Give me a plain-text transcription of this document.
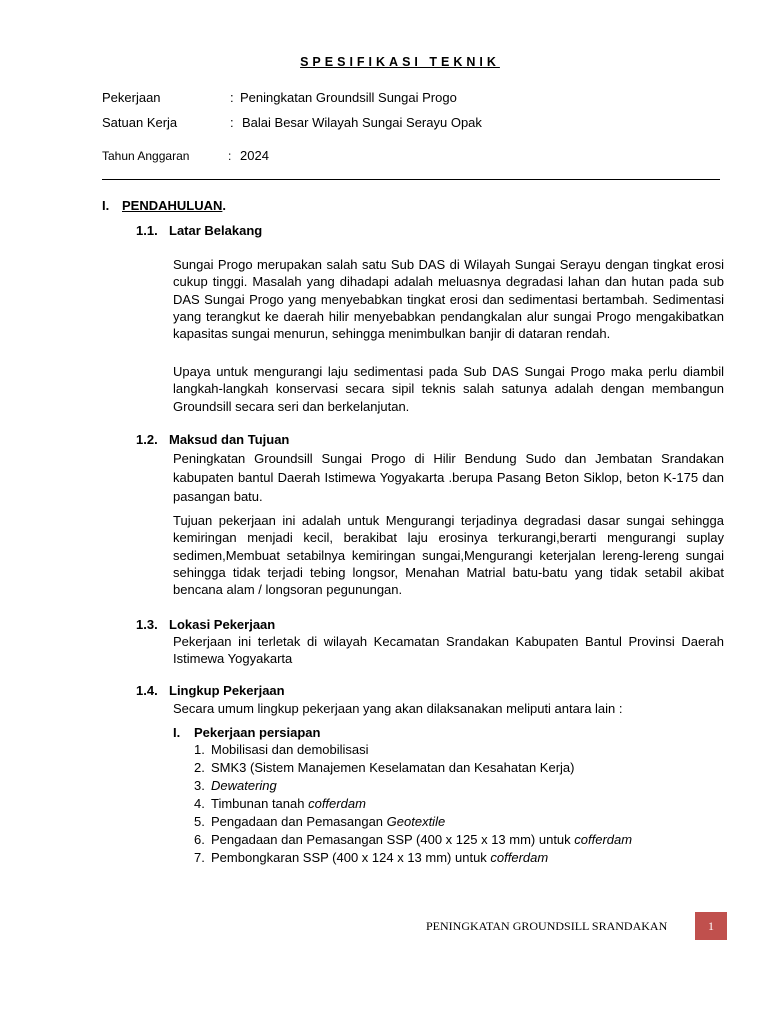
SPESIFIKASI TEKNIK
Pekerjaan	: Peningkatan Groundsill Sungai Progo
Satuan Kerja	: Balai Besar Wilayah Sungai Serayu Opak
Tahun Anggaran	: 2024
I. PENDAHULUAN.
1.1. Latar Belakang
Sungai Progo merupakan salah satu Sub DAS di Wilayah Sungai Serayu dengan tingkat erosi cukup tinggi. Masalah yang dihadapi adalah meluasnya degradasi lahan dan hutan pada sub DAS Sungai Progo yang menyebabkan tingkat erosi dan sedimentasi bertambah. Sedimentasi yang terangkut ke daerah hilir menyebabkan pendangkalan alur sungai Progo mengakibatkan kapasitas sungai menurun, sehingga menimbulkan banjir di dataran rendah.
Upaya untuk mengurangi laju sedimentasi pada Sub DAS Sungai Progo maka perlu diambil langkah-langkah konservasi secara sipil teknis salah satunya adalah dengan membangun Groundsill secara seri dan berkelanjutan.
1.2. Maksud dan Tujuan
Peningkatan Groundsill Sungai Progo di Hilir Bendung Sudo dan Jembatan Srandakan kabupaten bantul Daerah Istimewa Yogyakarta .berupa Pasang Beton Siklop, beton K-175 dan pasangan batu.
Tujuan pekerjaan ini adalah untuk Mengurangi terjadinya degradasi dasar sungai sehingga kemiringan menjadi kecil, berakibat laju erosinya terkurangi,berarti mengurangi suplay sedimen,Membuat setabilnya kemiringan sungai,Mengurangi keterjalan lereng-lereng sungai sehingga tidak terjadi tebing longsor, Menahan Matrial batu-batu yang tidak setabil akibat bencana alam / longsoran pegunungan.
1.3. Lokasi Pekerjaan
Pekerjaan ini terletak di wilayah Kecamatan Srandakan Kabupaten Bantul Provinsi Daerah Istimewa Yogyakarta
1.4. Lingkup Pekerjaan
Secara umum lingkup pekerjaan yang akan dilaksanakan meliputi antara lain :
I. Pekerjaan persiapan
1. Mobilisasi dan demobilisasi
2. SMK3 (Sistem Manajemen Keselamatan dan Kesahatan Kerja)
3. Dewatering
4. Timbunan tanah cofferdam
5. Pengadaan dan Pemasangan Geotextile
6. Pengadaan dan Pemasangan SSP (400 x 125 x 13 mm) untuk cofferdam
7. Pembongkaran SSP (400 x 124 x 13 mm) untuk cofferdam
PENINGKATAN GROUNDSILL SRANDAKAN	1
